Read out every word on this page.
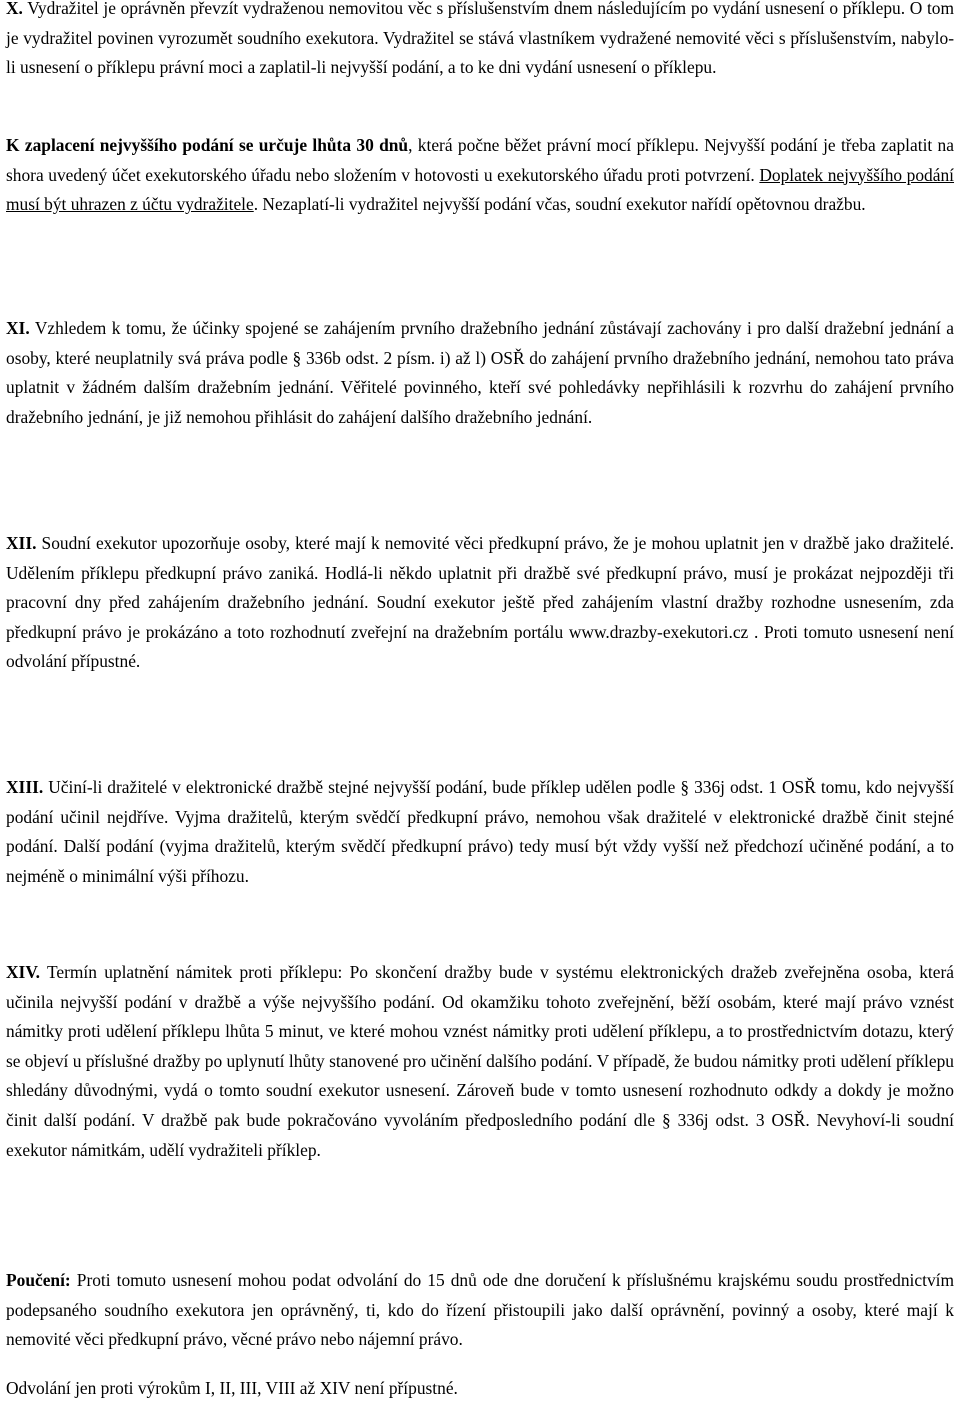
X. Vydražitel je oprávněn převzít vydraženou nemovitou věc s příslušenstvím dnem následujícím po vydání usnesení o příklepu. O tom je vydražitel povinen vyrozumět soudního exekutora. Vydražitel se stává vlastníkem vydražené nemovité věci s příslušenstvím, nabylo-li usnesení o příklepu právní moci a zaplatil-li nejvyšší podání, a to ke dni vydání usnesení o příklepu.

K zaplacení nejvyššího podání se určuje lhůta 30 dnů, která počne běžet právní mocí příklepu. Nejvyšší podání je třeba zaplatit na shora uvedený účet exekutorského úřadu nebo složením v hotovosti u exekutorského úřadu proti potvrzení. Doplatek nejvyššího podání musí být uhrazen z účtu vydražitele. Nezaplatí-li vydražitel nejvyšší podání včas, soudní exekutor nařídí opětovnou dražbu.

XI. Vzhledem k tomu, že účinky spojené se zahájením prvního dražebního jednání zůstávají zachovány i pro další dražební jednání a osoby, které neuplatnily svá práva podle § 336b odst. 2 písm. i) až l) OSŘ do zahájení prvního dražebního jednání, nemohou tato práva uplatnit v žádném dalším dražebním jednání. Věřitelé povinného, kteří své pohledávky nepřihlásili k rozvrhu do zahájení prvního dražebního jednání, je již nemohou přihlásit do zahájení dalšího dražebního jednání.

XII. Soudní exekutor upozorňuje osoby, které mají k nemovité věci předkupní právo, že je mohou uplatnit jen v dražbě jako dražitelé. Udělením příklepu předkupní právo zaniká. Hodlá-li někdo uplatnit při dražbě své předkupní právo, musí je prokázat nejpozději tři pracovní dny před zahájením dražebního jednání. Soudní exekutor ještě před zahájením vlastní dražby rozhodne usnesením, zda předkupní právo je prokázáno a toto rozhodnutí zveřejní na dražebním portálu www.drazby-exekutori.cz . Proti tomuto usnesení není odvolání přípustné.

XIII. Učiní-li dražitelé v elektronické dražbě stejné nejvyšší podání, bude příklep udělen podle § 336j odst. 1 OSŘ tomu, kdo nejvyšší podání učinil nejdříve. Vyjma dražitelů, kterým svědčí předkupní právo, nemohou však dražitelé v elektronické dražbě činit stejné podání. Další podání (vyjma dražitelů, kterým svědčí předkupní právo) tedy musí být vždy vyšší než předchozí učiněné podání, a to nejméně o minimální výši příhozu.

XIV. Termín uplatnění námitek proti příklepu: Po skončení dražby bude v systému elektronických dražeb zveřejněna osoba, která učinila nejvyšší podání v dražbě a výše nejvyššího podání. Od okamžiku tohoto zveřejnění, běží osobám, které mají právo vznést námitky proti udělení příklepu lhůta 5 minut, ve které mohou vznést námitky proti udělení příklepu, a to prostřednictvím dotazu, který se objeví u příslušné dražby po uplynutí lhůty stanovené pro učinění dalšího podání. V případě, že budou námitky proti udělení příklepu shledány důvodnými, vydá o tomto soudní exekutor usnesení. Zároveň bude v tomto usnesení rozhodnuto odkdy a dokdy je možno činit další podání. V dražbě pak bude pokračováno vyvoláním předposledního podání dle § 336j odst. 3 OSŘ. Nevyhoví-li soudní exekutor námitkám, udělí vydražiteli příklep.

Poučení: Proti tomuto usnesení mohou podat odvolání do 15 dnů ode dne doručení k příslušnému krajskému soudu prostřednictvím podepsaného soudního exekutora jen oprávněný, ti, kdo do řízení přistoupili jako další oprávnění, povinný a osoby, které mají k nemovité věci předkupní právo, věcné právo nebo nájemní právo.

Odvolání jen proti výrokům I, II, III, VIII až XIV není přípustné.
